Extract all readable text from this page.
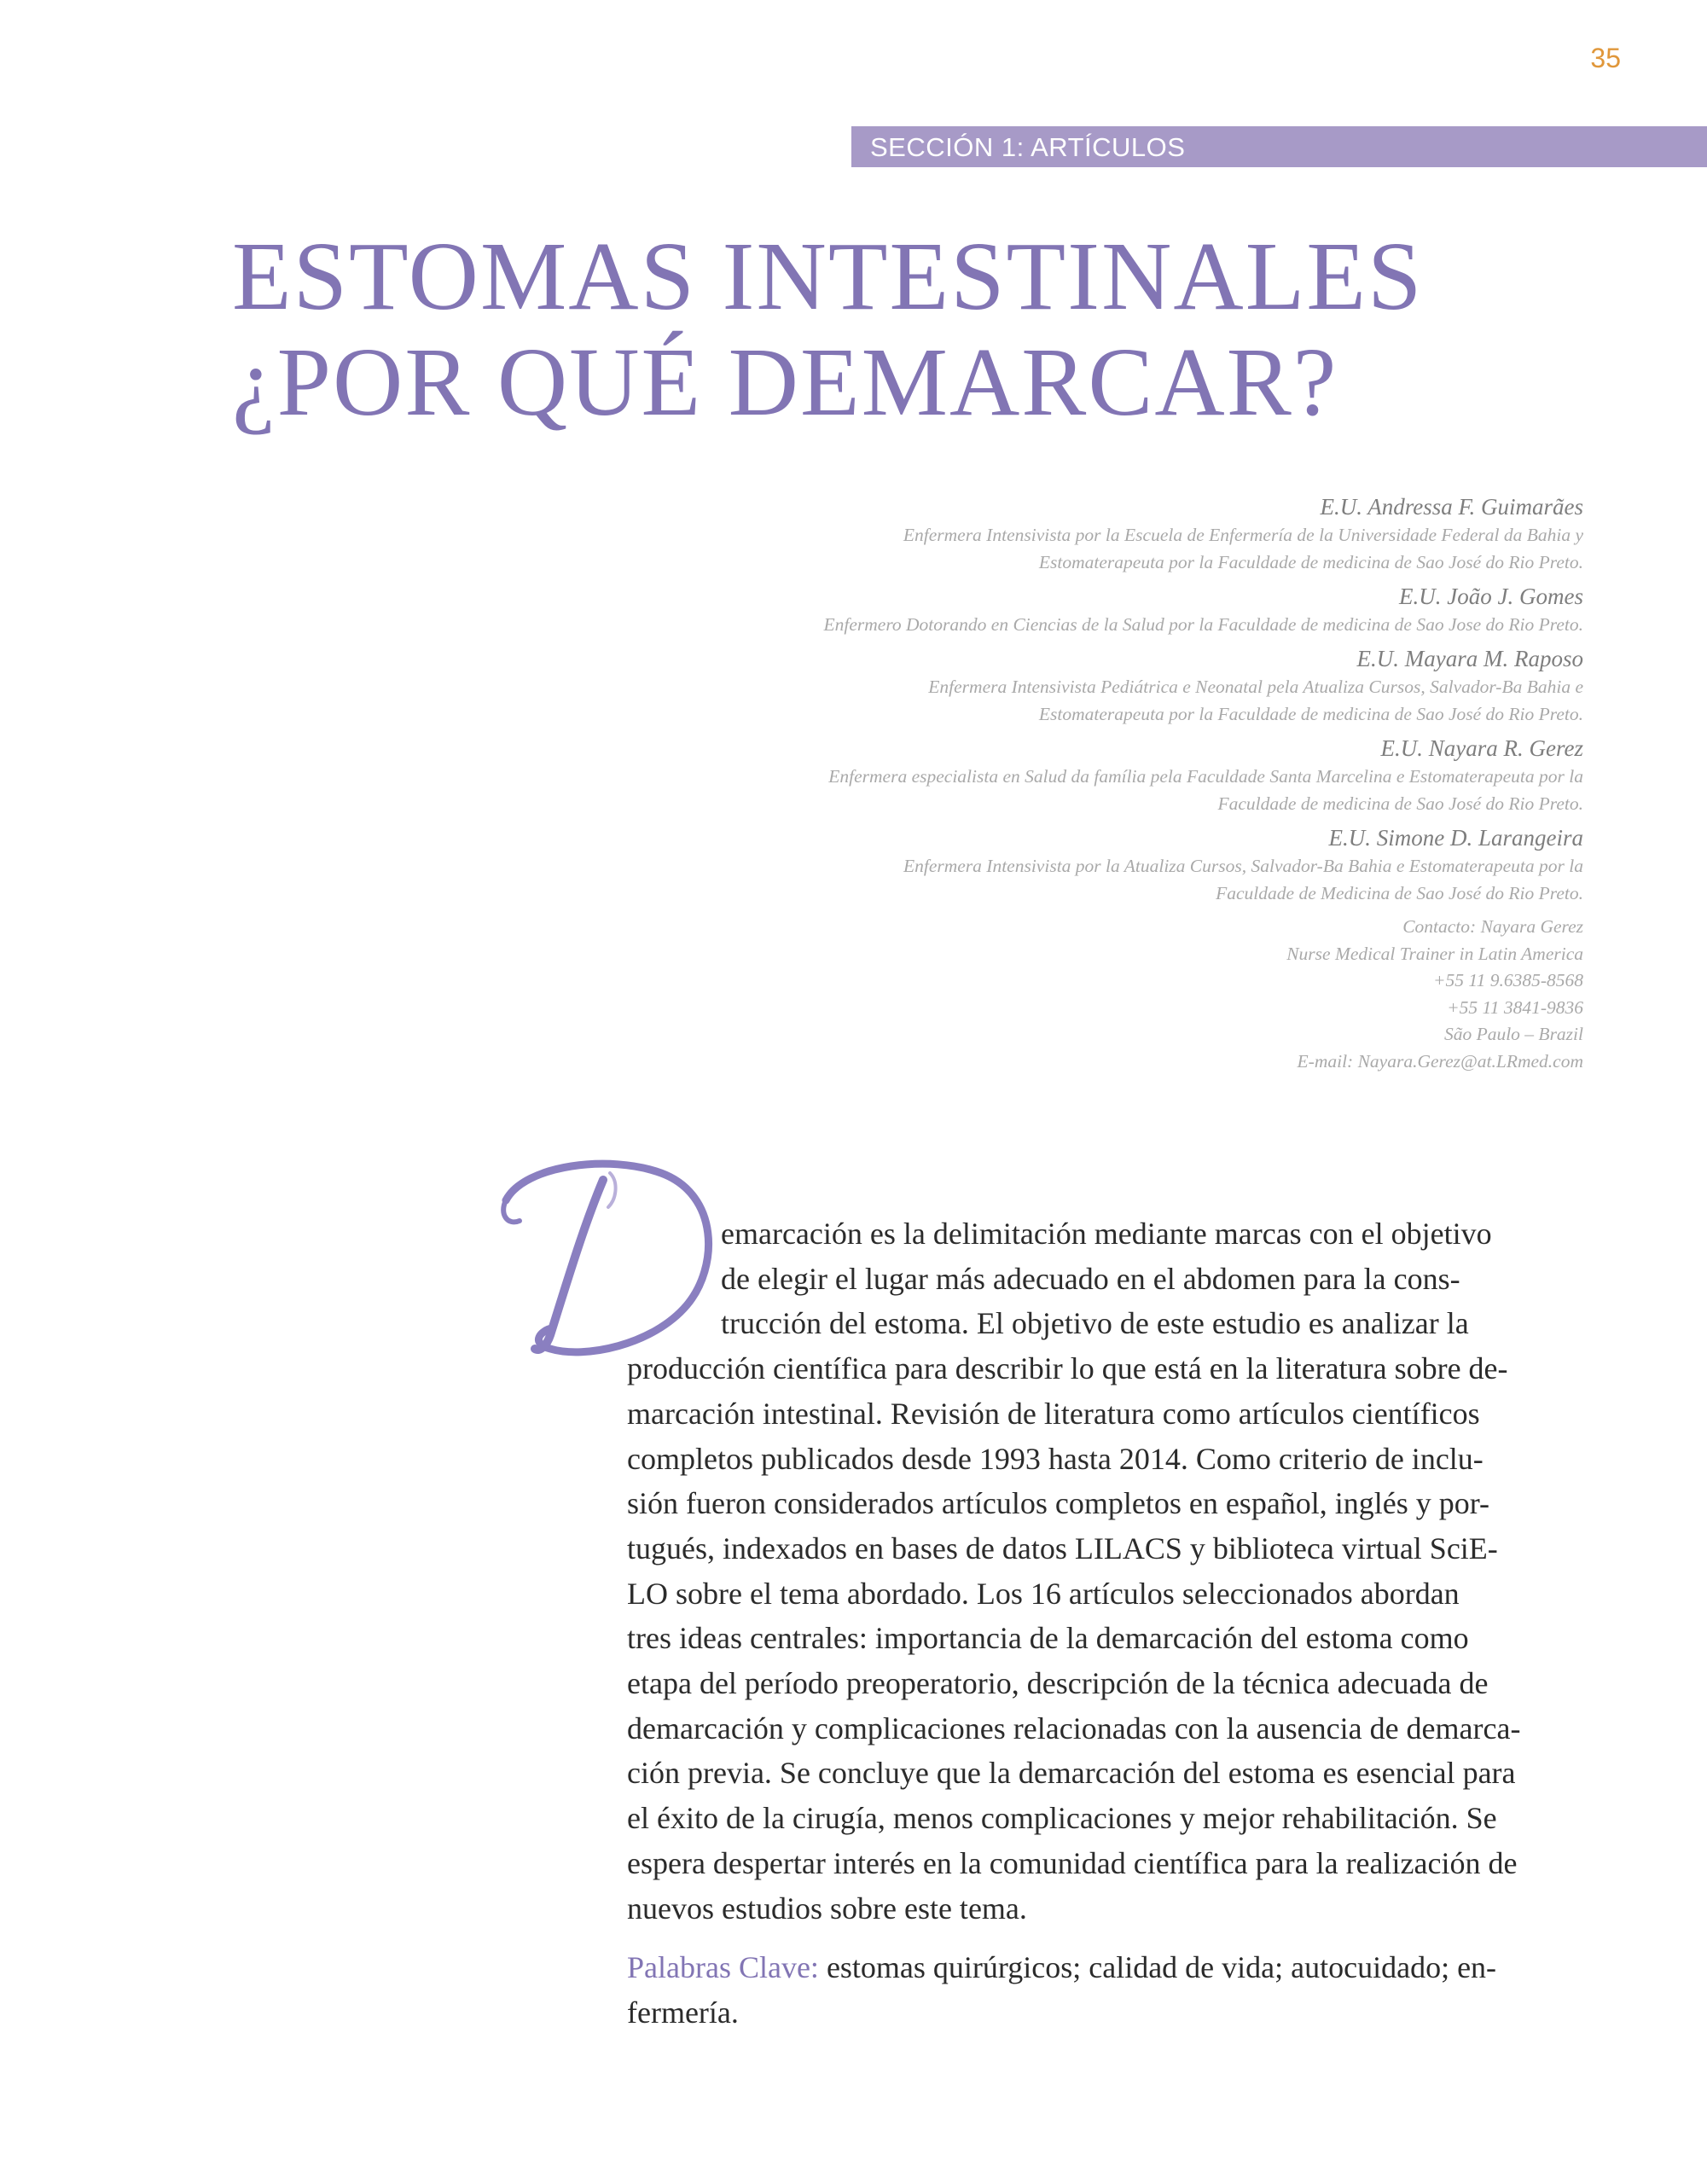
35
SECCIÓN 1: ARTÍCULOS
ESTOMAS INTESTINALES
¿POR QUÉ DEMARCAR?
E.U. Andressa F. Guimarães
Enfermera Intensivista por la Escuela de Enfermería de la Universidade Federal da Bahia y
Estomaterapeuta por la Faculdade de medicina de Sao José do Rio Preto.
E.U. João J. Gomes
Enfermero Dotorando en Ciencias de la Salud por la Faculdade de medicina de Sao Jose do Rio Preto.
E.U. Mayara M. Raposo
Enfermera Intensivista Pediátrica e Neonatal pela Atualiza Cursos, Salvador-Ba Bahia e
Estomaterapeuta por la Faculdade de medicina de Sao José do Rio Preto.
E.U. Nayara R. Gerez
Enfermera especialista en Salud da família pela Faculdade Santa Marcelina e Estomaterapeuta por la
Faculdade de medicina de Sao José do Rio Preto.
E.U. Simone D. Larangeira
Enfermera Intensivista por la Atualiza Cursos, Salvador-Ba Bahia e Estomaterapeuta por la
Faculdade de Medicina de Sao José do Rio Preto.
Contacto: Nayara Gerez
Nurse Medical Trainer in Latin America
+55 11 9.6385-8568
+55 11 3841-9836
São Paulo – Brazil
E-mail: Nayara.Gerez@at.LRmed.com
emarcación es la delimitación mediante marcas con el objetivo
de elegir el lugar más adecuado en el abdomen para la cons-
trucción del estoma. El objetivo de este estudio es analizar la
producción científica para describir lo que está en la literatura sobre de-
marcación intestinal. Revisión de literatura como artículos científicos
completos publicados desde 1993 hasta 2014. Como criterio de inclu-
sión fueron considerados artículos completos en español, inglés y por-
tugués, indexados en bases de datos LILACS y biblioteca virtual SciE-
LO sobre el tema abordado. Los 16 artículos seleccionados abordan
tres ideas centrales: importancia de la demarcación del estoma como
etapa del período preoperatorio, descripción de la técnica adecuada de
demarcación y complicaciones relacionadas con la ausencia de demarca-
ción previa. Se concluye que la demarcación del estoma es esencial para
el éxito de la cirugía, menos complicaciones y mejor rehabilitación. Se
espera despertar interés en la comunidad científica para la realización de
nuevos estudios sobre este tema.
Palabras Clave: estomas quirúrgicos; calidad de vida; autocuidado; en-
fermería.
